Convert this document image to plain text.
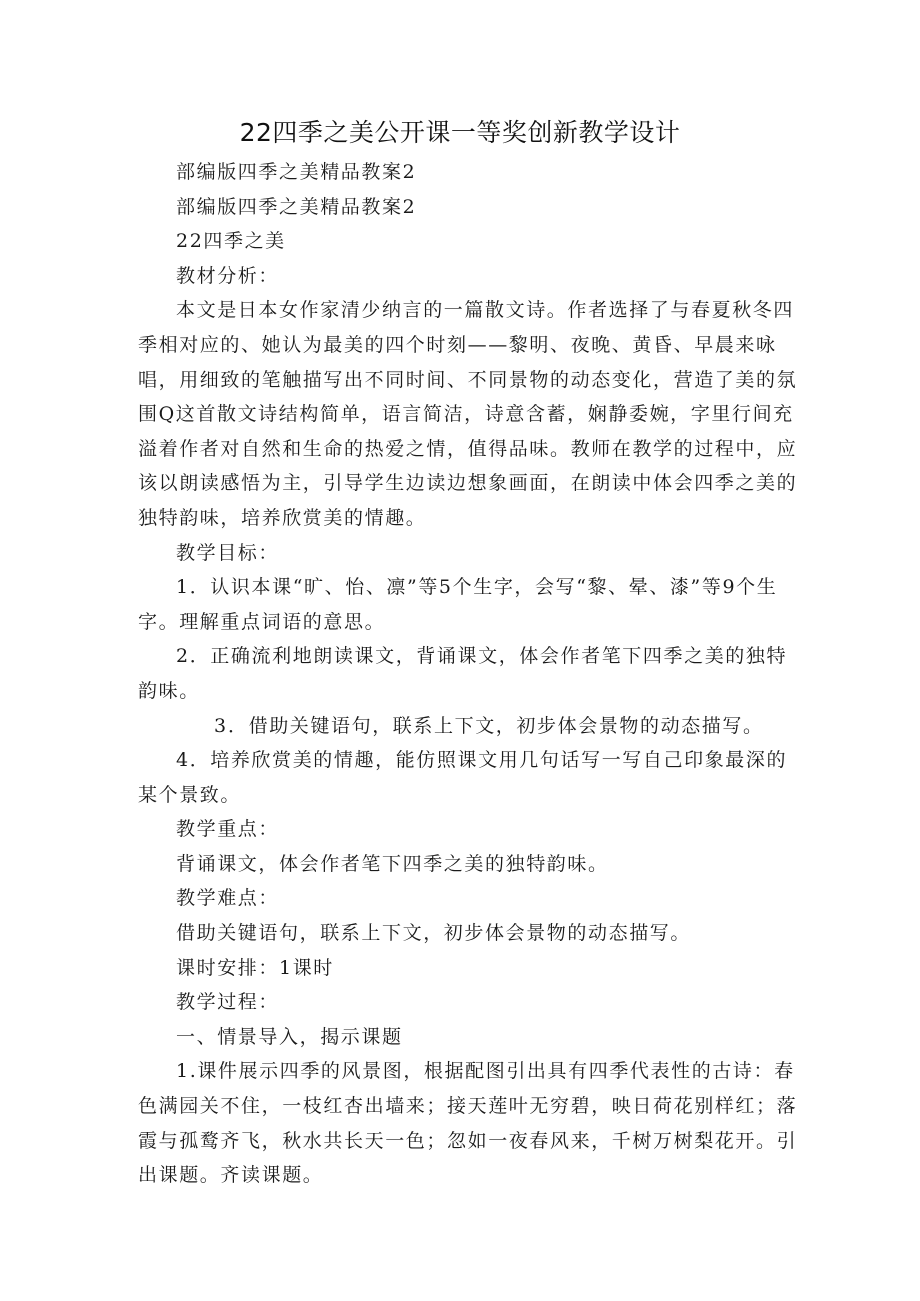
22四季之美公开课一等奖创新教学设计

部编版四季之美精品教案2

部编版四季之美精品教案2

22四季之美

教材分析：

本文是日本女作家清少纳言的一篇散文诗。作者选择了与春夏秋冬四季相对应的、她认为最美的四个时刻——黎明、夜晚、黄昏、早晨来咏唱，用细致的笔触描写出不同时间、不同景物的动态变化，营造了美的氛围Q这首散文诗结构简单，语言简洁，诗意含蓄，娴静委婉，字里行间充溢着作者对自然和生命的热爱之情，值得品味。教师在教学的过程中，应该以朗读感悟为主，引导学生边读边想象画面，在朗读中体会四季之美的独特韵味，培养欣赏美的情趣。

教学目标：

1．认识本课“旷、怡、凛”等5个生字，会写“黎、晕、漆”等9个生字。理解重点词语的意思。

2．正确流利地朗读课文，背诵课文，体会作者笔下四季之美的独特韵味。

3．借助关键语句，联系上下文，初步体会景物的动态描写。

4．培养欣赏美的情趣，能仿照课文用几句话写一写自己印象最深的某个景致。

教学重点：

背诵课文，体会作者笔下四季之美的独特韵味。

教学难点：

借助关键语句，联系上下文，初步体会景物的动态描写。

课时安排：1课时

教学过程：

一、情景导入，揭示课题

1.课件展示四季的风景图，根据配图引出具有四季代表性的古诗：春色满园关不住，一枝红杏出墙来；接天莲叶无穷碧，映日荷花别样红；落霞与孤鹜齐飞，秋水共长天一色；忽如一夜春风来，千树万树梨花开。引出课题。齐读课题。
